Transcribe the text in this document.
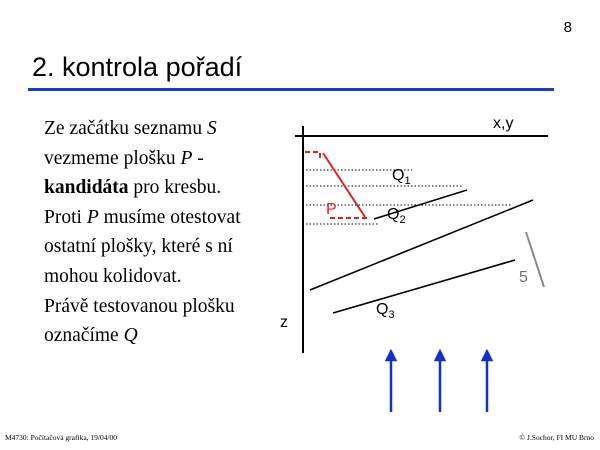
8
2. kontrola pořadí
Ze začátku seznamu S
vezmeme plošku P -
kandidáta pro kresbu.
Proti P musíme otestovat
ostatní plošky, které s ní
mohou kolidovat.
Právě testovanou plošku
označíme Q
x,y
z
P
$Q_1$
$Q_2$
$Q_3$
5
M4730: Počítačová grafika, 19/04/00	© J.Sochor, FI MU Brno
